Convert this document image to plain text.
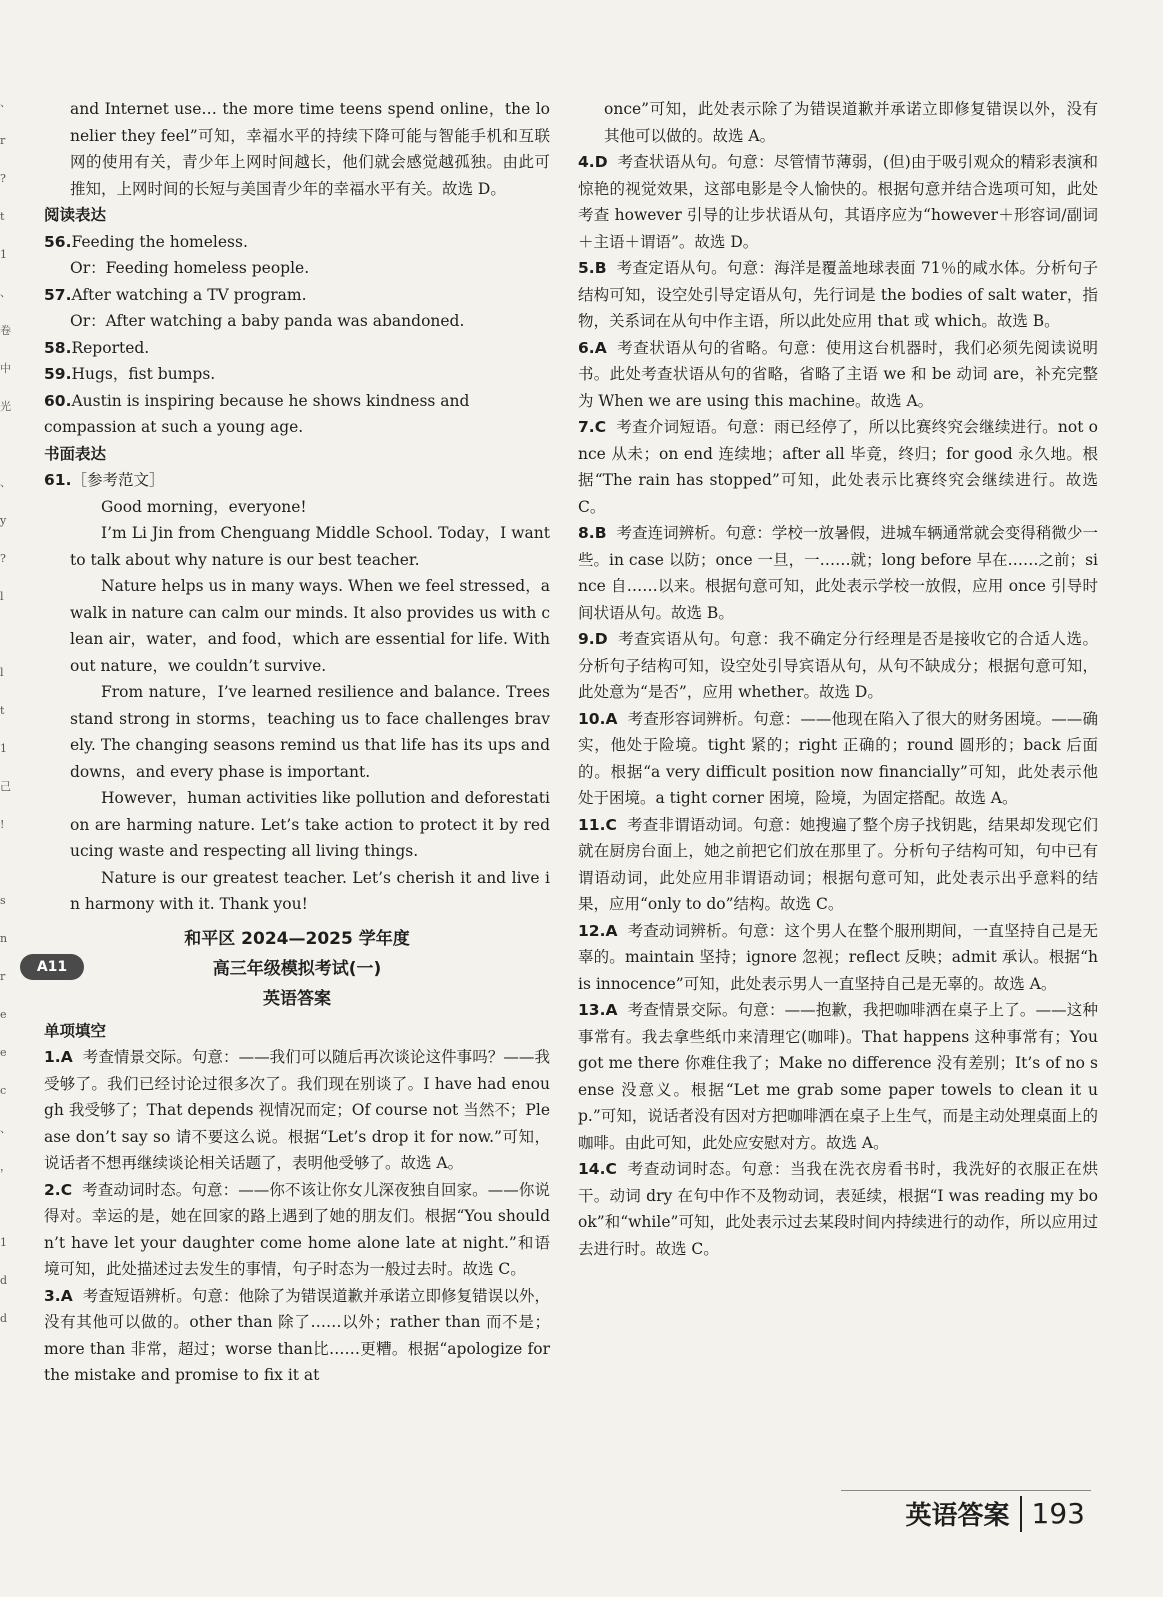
、
r
?
t
1
、
卷
中
光
、
y
?
l
l
t
1
己
!
s
n
r
e
e
c
、
，
1
d
d

and Internet use… the more time teens spend online，the lonelier they feel”可知，幸福水平的持续下降可能与智能手机和互联网的使用有关，青少年上网时间越长，他们就会感觉越孤独。由此可推知，上网时间的长短与美国青少年的幸福水平有关。故选 D。

阅读表达

56.Feeding the homeless.

Or：Feeding homeless people.

57.After watching a TV program.

Or：After watching a baby panda was abandoned.

58.Reported.

59.Hugs，fist bumps.

60.Austin is inspiring because he shows kindness and compassion at such a young age.

书面表达

61.［参考范文］

Good morning，everyone!

I’m Li Jin from Chenguang Middle School. Today，I want to talk about why nature is our best teacher.

Nature helps us in many ways. When we feel stressed，a walk in nature can calm our minds. It also provides us with clean air，water，and food，which are essential for life. Without nature，we couldn’t survive.

From nature，I’ve learned resilience and balance. Trees stand strong in storms，teaching us to face challenges bravely. The changing seasons remind us that life has its ups and downs，and every phase is important.

However，human activities like pollution and deforestation are harming nature. Let’s take action to protect it by reducing waste and respecting all living things.

Nature is our greatest teacher. Let’s cherish it and live in harmony with it. Thank you!

A11

和平区 2024—2025 学年度

高三年级模拟考试(一)

英语答案

单项填空

1.A 考查情景交际。句意：——我们可以随后再次谈论这件事吗？——我受够了。我们已经讨论过很多次了。我们现在别谈了。I have had enough 我受够了；That depends 视情况而定；Of course not 当然不；Please don’t say so 请不要这么说。根据“Let’s drop it for now.”可知，说话者不想再继续谈论相关话题了，表明他受够了。故选 A。

2.C 考查动词时态。句意：——你不该让你女儿深夜独自回家。——你说得对。幸运的是，她在回家的路上遇到了她的朋友们。根据“You shouldn’t have let your daughter come home alone late at night.”和语境可知，此处描述过去发生的事情，句子时态为一般过去时。故选 C。

3.A 考查短语辨析。句意：他除了为错误道歉并承诺立即修复错误以外，没有其他可以做的。other than 除了……以外；rather than 而不是；more than 非常，超过；worse than比……更糟。根据“apologize for the mistake and promise to fix it at

once”可知，此处表示除了为错误道歉并承诺立即修复错误以外，没有其他可以做的。故选 A。

4.D 考查状语从句。句意：尽管情节薄弱，(但)由于吸引观众的精彩表演和惊艳的视觉效果，这部电影是令人愉快的。根据句意并结合选项可知，此处考查 however 引导的让步状语从句，其语序应为“however＋形容词/副词＋主语＋谓语”。故选 D。

5.B 考查定语从句。句意：海洋是覆盖地球表面 71％的咸水体。分析句子结构可知，设空处引导定语从句，先行词是 the bodies of salt water，指物，关系词在从句中作主语，所以此处应用 that 或 which。故选 B。

6.A 考查状语从句的省略。句意：使用这台机器时，我们必须先阅读说明书。此处考查状语从句的省略，省略了主语 we 和 be 动词 are，补充完整为 When we are using this machine。故选 A。

7.C 考查介词短语。句意：雨已经停了，所以比赛终究会继续进行。not once 从未；on end 连续地；after all 毕竟，终归；for good 永久地。根据“The rain has stopped”可知，此处表示比赛终究会继续进行。故选 C。

8.B 考查连词辨析。句意：学校一放暑假，进城车辆通常就会变得稍微少一些。in case 以防；once 一旦，一……就；long before 早在……之前；since 自……以来。根据句意可知，此处表示学校一放假，应用 once 引导时间状语从句。故选 B。

9.D 考查宾语从句。句意：我不确定分行经理是否是接收它的合适人选。分析句子结构可知，设空处引导宾语从句，从句不缺成分；根据句意可知，此处意为“是否”，应用 whether。故选 D。

10.A 考查形容词辨析。句意：——他现在陷入了很大的财务困境。——确实，他处于险境。tight 紧的；right 正确的；round 圆形的；back 后面的。根据“a very difficult position now financially”可知，此处表示他处于困境。a tight corner 困境，险境，为固定搭配。故选 A。

11.C 考查非谓语动词。句意：她搜遍了整个房子找钥匙，结果却发现它们就在厨房台面上，她之前把它们放在那里了。分析句子结构可知，句中已有谓语动词，此处应用非谓语动词；根据句意可知，此处表示出乎意料的结果，应用“only to do”结构。故选 C。

12.A 考查动词辨析。句意：这个男人在整个服刑期间，一直坚持自己是无辜的。maintain 坚持；ignore 忽视；reflect 反映；admit 承认。根据“his innocence”可知，此处表示男人一直坚持自己是无辜的。故选 A。

13.A 考查情景交际。句意：——抱歉，我把咖啡洒在桌子上了。——这种事常有。我去拿些纸巾来清理它(咖啡)。That happens 这种事常有；You got me there 你难住我了；Make no difference 没有差别；It’s of no sense 没意义。根据“Let me grab some paper towels to clean it up.”可知，说话者没有因对方把咖啡洒在桌子上生气，而是主动处理桌面上的咖啡。由此可知，此处应安慰对方。故选 A。

14.C 考查动词时态。句意：当我在洗衣房看书时，我洗好的衣服正在烘干。动词 dry 在句中作不及物动词，表延续，根据“I was reading my book”和“while”可知，此处表示过去某段时间内持续进行的动作，所以应用过去进行时。故选 C。

英语答案 193
